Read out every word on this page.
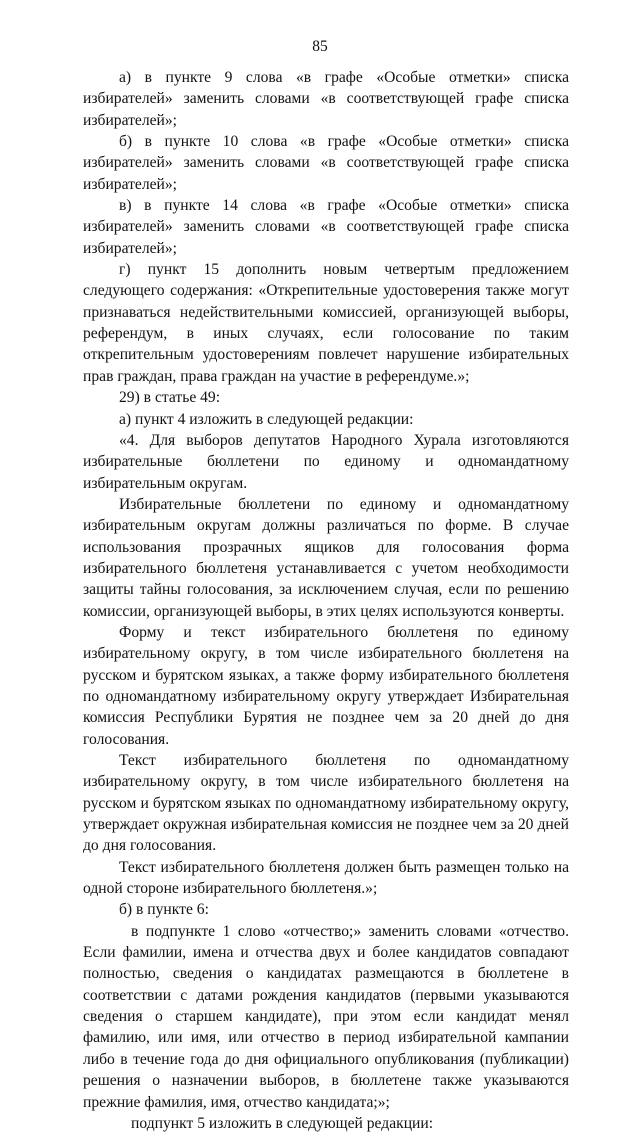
85

а) в пункте 9 слова «в графе «Особые отметки» списка избирателей» заменить словами «в соответствующей графе списка избирателей»;

б) в пункте 10 слова «в графе «Особые отметки» списка избирателей» заменить словами «в соответствующей графе списка избирателей»;

в) в пункте 14 слова «в графе «Особые отметки» списка избирателей» заменить словами «в соответствующей графе списка избирателей»;

г) пункт 15 дополнить новым четвертым предложением следующего содержания: «Открепительные удостоверения также могут признаваться недействительными комиссией, организующей выборы, референдум, в иных случаях, если голосование по таким открепительным удостоверениям повлечет нарушение избирательных прав граждан, права граждан на участие в референдуме.»;

29) в статье 49:

а) пункт 4 изложить в следующей редакции:

«4. Для выборов депутатов Народного Хурала изготовляются избирательные бюллетени по единому и одномандатному избирательным округам.

Избирательные бюллетени по единому и одномандатному избирательным округам должны различаться по форме. В случае использования прозрачных ящиков для голосования форма избирательного бюллетеня устанавливается с учетом необходимости защиты тайны голосования, за исключением случая, если по решению комиссии, организующей выборы, в этих целях используются конверты.

Форму и текст избирательного бюллетеня по единому избирательному округу, в том числе избирательного бюллетеня на русском и бурятском языках, а также форму избирательного бюллетеня по одномандатному избирательному округу утверждает Избирательная комиссия Республики Бурятия не позднее чем за 20 дней до дня голосования.

Текст избирательного бюллетеня по одномандатному избирательному округу, в том числе избирательного бюллетеня на русском и бурятском языках по одномандатному избирательному округу, утверждает окружная избирательная комиссия не позднее чем за 20 дней до дня голосования.

Текст избирательного бюллетеня должен быть размещен только на одной стороне избирательного бюллетеня.»;

б) в пункте 6:

в подпункте 1 слово «отчество;» заменить словами «отчество. Если фамилии, имена и отчества двух и более кандидатов совпадают полностью, сведения о кандидатах размещаются в бюллетене в соответствии с датами рождения кандидатов (первыми указываются сведения о старшем кандидате), при этом если кандидат менял фамилию, или имя, или отчество в период избирательной кампании либо в течение года до дня официального опубликования (публикации) решения о назначении выборов, в бюллетене также указываются прежние фамилия, имя, отчество кандидата;»;

подпункт 5 изложить в следующей редакции:
